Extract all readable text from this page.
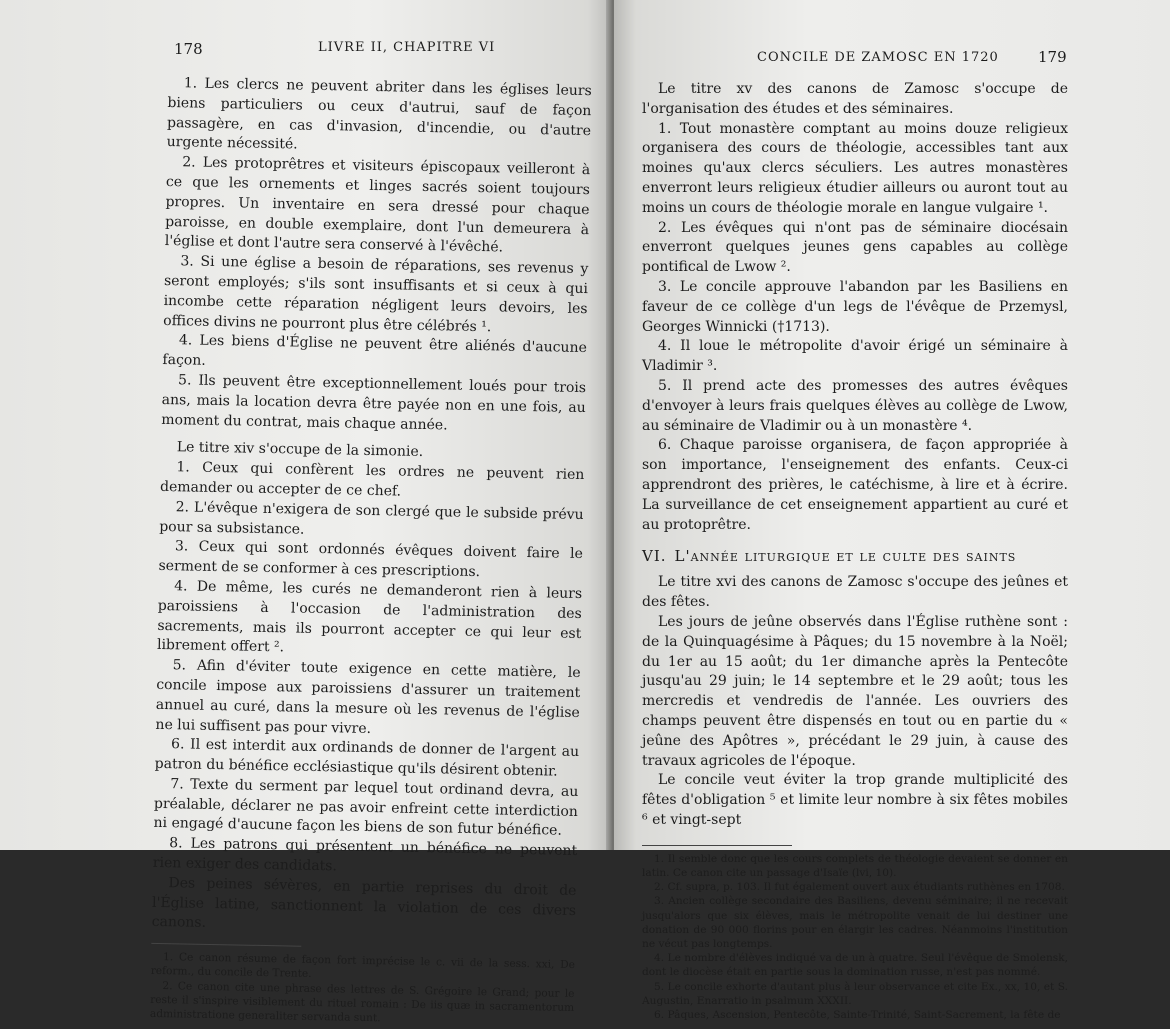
178	LIVRE II, CHAPITRE VI

1. Les clercs ne peuvent abriter dans les églises leurs biens particuliers ou ceux d'autrui, sauf de façon passagère, en cas d'invasion, d'incendie, ou d'autre urgente nécessité.

2. Les protoprêtres et visiteurs épiscopaux veilleront à ce que les ornements et linges sacrés soient toujours propres. Un inventaire en sera dressé pour chaque paroisse, en double exemplaire, dont l'un demeurera à l'église et dont l'autre sera conservé à l'évêché.

3. Si une église a besoin de réparations, ses revenus y seront employés; s'ils sont insuffisants et si ceux à qui incombe cette réparation négligent leurs devoirs, les offices divins ne pourront plus être célébrés ¹.

4. Les biens d'Église ne peuvent être aliénés d'aucune façon.

5. Ils peuvent être exceptionnellement loués pour trois ans, mais la location devra être payée non en une fois, au moment du contrat, mais chaque année.

Le titre xiv s'occupe de la simonie.

1. Ceux qui confèrent les ordres ne peuvent rien demander ou accepter de ce chef.

2. L'évêque n'exigera de son clergé que le subside prévu pour sa subsistance.

3. Ceux qui sont ordonnés évêques doivent faire le serment de se conformer à ces prescriptions.

4. De même, les curés ne demanderont rien à leurs paroissiens à l'occasion de l'administration des sacrements, mais ils pourront accepter ce qui leur est librement offert ².

5. Afin d'éviter toute exigence en cette matière, le concile impose aux paroissiens d'assurer un traitement annuel au curé, dans la mesure où les revenus de l'église ne lui suffisent pas pour vivre.

6. Il est interdit aux ordinands de donner de l'argent au patron du bénéfice ecclésiastique qu'ils désirent obtenir.

7. Texte du serment par lequel tout ordinand devra, au préalable, déclarer ne pas avoir enfreint cette interdiction ni engagé d'aucune façon les biens de son futur bénéfice.

8. Les patrons qui présentent un bénéfice ne peuvent rien exiger des candidats.

Des peines sévères, en partie reprises du droit de l'Église latine, sanctionnent la violation de ces divers canons.

1. Ce canon résume de façon fort imprécise le c. vii de la sess. xxi, De reform., du concile de Trente.

2. Ce canon cite une phrase des lettres de S. Grégoire le Grand; pour le reste il s'inspire visiblement du rituel romain : De iis quæ in sacramentorum administratione generaliter servanda sunt.

CONCILE DE ZAMOSC EN 1720	179

Le titre xv des canons de Zamosc s'occupe de l'organisation des études et des séminaires.

1. Tout monastère comptant au moins douze religieux organisera des cours de théologie, accessibles tant aux moines qu'aux clercs séculiers. Les autres monastères enverront leurs religieux étudier ailleurs ou auront tout au moins un cours de théologie morale en langue vulgaire ¹.

2. Les évêques qui n'ont pas de séminaire diocésain enverront quelques jeunes gens capables au collège pontifical de Lwow ².

3. Le concile approuve l'abandon par les Basiliens en faveur de ce collège d'un legs de l'évêque de Przemysl, Georges Winnicki (†1713).

4. Il loue le métropolite d'avoir érigé un séminaire à Vladimir ³.

5. Il prend acte des promesses des autres évêques d'envoyer à leurs frais quelques élèves au collège de Lwow, au séminaire de Vladimir ou à un monastère ⁴.

6. Chaque paroisse organisera, de façon appropriée à son importance, l'enseignement des enfants. Ceux-ci apprendront des prières, le catéchisme, à lire et à écrire. La surveillance de cet enseignement appartient au curé et au protoprêtre.

VI. L'année liturgique et le culte des saints

Le titre xvi des canons de Zamosc s'occupe des jeûnes et des fêtes.

Les jours de jeûne observés dans l'Église ruthène sont : de la Quinquagésime à Pâques; du 15 novembre à la Noël; du 1er au 15 août; du 1er dimanche après la Pentecôte jusqu'au 29 juin; le 14 septembre et le 29 août; tous les mercredis et vendredis de l'année. Les ouvriers des champs peuvent être dispensés en tout ou en partie du « jeûne des Apôtres », précédant le 29 juin, à cause des travaux agricoles de l'époque.

Le concile veut éviter la trop grande multiplicité des fêtes d'obligation ⁵ et limite leur nombre à six fêtes mobiles ⁶ et vingt-sept

1. Il semble donc que les cours complets de théologie devaient se donner en latin. Ce canon cite un passage d'Isaïe (lvi, 10).

2. Cf. supra, p. 103. Il fut également ouvert aux étudiants ruthènes en 1708.

3. Ancien collège secondaire des Basiliens, devenu séminaire; il ne recevait jusqu'alors que six élèves, mais le métropolite venait de lui destiner une donation de 90 000 florins pour en élargir les cadres. Néanmoins l'institution ne vécut pas longtemps.

4. Le nombre d'élèves indiqué va de un à quatre. Seul l'évêque de Smolensk, dont le diocèse était en partie sous la domination russe, n'est pas nommé.

5. Le concile exhorte d'autant plus à leur observance et cite Ex., xx, 10, et S. Augustin, Enarratio in psalmum XXXII.

6. Pâques, Ascension, Pentecôte, Sainte-Trinité, Saint-Sacrement, la fête de
